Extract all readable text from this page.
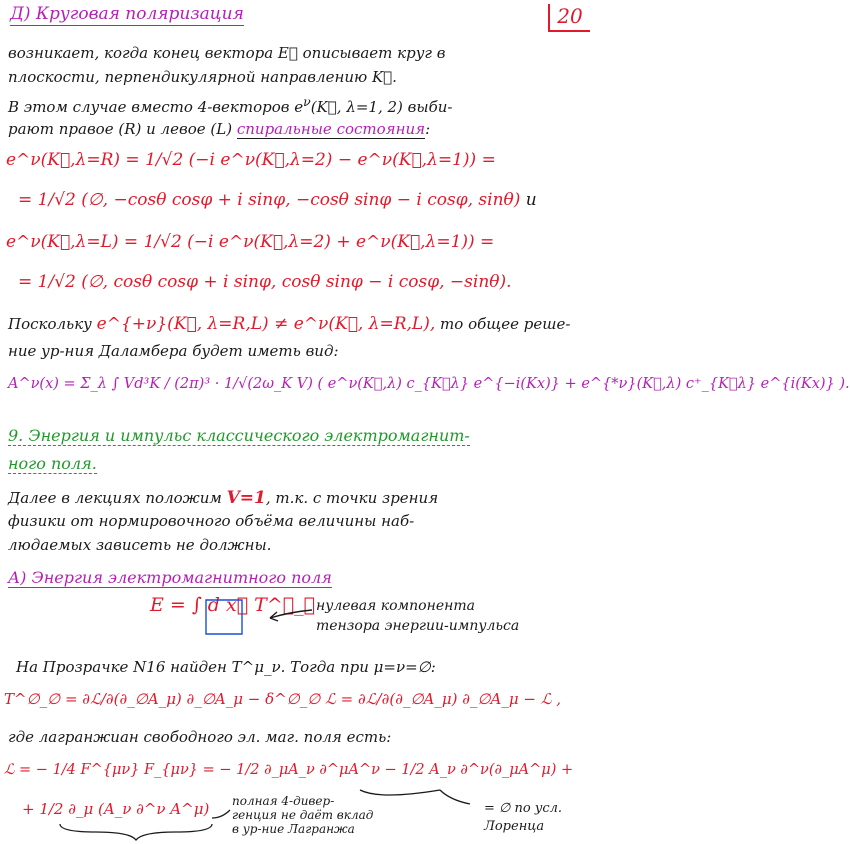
Д) Круговая поляризация	20
возникает, когда конец вектора E⃗ описывает круг в
плоскости, перпендикулярной направлению K⃗.
В этом случае вместо 4-векторов $e^\nu(K⃗$, λ=1, 2) выби-
рают правое (R) и левое (L) спиральные состояния:
e^ν(K⃗,λ=R) = 1/√2 (−i e^ν(K⃗,λ=2) − e^ν(K⃗,λ=1)) =
= 1/√2 (∅, −cosθ cosφ + i sinφ, −cosθ sinφ − i cosφ, sinθ) и
e^ν(K⃗,λ=L) = 1/√2 (−i e^ν(K⃗,λ=2) + e^ν(K⃗,λ=1)) =
= 1/√2 (∅, cosθ cosφ + i sinφ, cosθ sinφ − i cosφ, −sinθ).
Поскольку e^{+ν}(K⃗, λ=R,L) ≠ e^ν(K⃗, λ=R,L), то общее реше-
ние ур-ния Даламбера будет иметь вид:
A^ν(x) = Σ_λ ∫ Vd³K / (2π)³ · 1/√(2ω_K V) ( e^ν(K⃗,λ) c_{K⃗λ} e^{−i(Kx)} + e^{*ν}(K⃗,λ) c⁺_{K⃗λ} e^{i(Kx)} ).
9. Энергия и импульс классического электромагнит-
ного поля.
Далее в лекциях положим V=1, т.к. с точки зрения
физики от нормировочного объёма величины наб-
людаемых зависеть не должны.
А) Энергия электромагнитного поля
E = ∫ d x⃗ T^∅_∅ нулевая компонента
тензора энергии-импульса
На Прозрачке N16 найден T^μ_ν. Тогда при μ=ν=∅:
T^∅_∅ = ∂ℒ/∂(∂_∅A_μ) ∂_∅A_μ − δ^∅_∅ ℒ = ∂ℒ/∂(∂_∅A_μ) ∂_∅A_μ − ℒ ,
где лагранжиан свободного эл. маг. поля есть:
ℒ = − 1/4 F^{μν} F_{μν} = − 1/2 ∂_μA_ν ∂^μA^ν − 1/2 A_ν ∂^ν(∂_μA^μ) +
+ 1/2 ∂_μ (A_ν ∂^ν A^μ) полная 4-дивер-
генция не даёт вклад
в ур-ние Лагранжа
= ∅ по усл.
Лоренца
